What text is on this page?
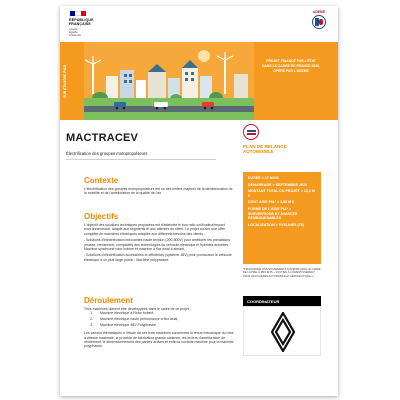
RÉPUBLIQUE
FRANÇAISE
Liberté
Égalité
Fraternité
ADEME
PROJET FINANCÉ PAR L'ÉTAT
DANS LE CADRE DE FRANCE 2030,
OPÉRÉ PAR L'ADEME
SUR ÉTAGÈRE PIAD
MACTRACEV
Électrification des groupes motopropulseurs
Contexte

L'électrification des groupes motopropulseurs est un des leviers majeurs de la décarbonation de la mobilité et de l'amélioration de la qualité de l'air.

Objectifs

L'objectif des solutions techniques proposées est d'atteindre le bon ratio coût/valeur/impact environnemental, adapté aux segments et aux attentes du client. Le projet couvre une offre complète de machines électriques adaptée aux différents besoins des clients :

- Solutions d'électrification innovantes haute tension (200-800V) pour améliorer les prestations (masse, rendement, compacité) des technologies du véhicule électrique et hybrides actuelles : Machine synchrone rotor bobiné et machine à flux axial à aimant,

- Solutions d'électrification accessibles et efficientes (système 48V) pour promouvoir le véhicule électrique à un plus large public : Machine polyphasée.

Déroulement

Trois machines doivent être développées dans le cadre de ce projet :

1. Machine électrique à Rotor bobiné,
2. Machine électrique haute performance à flux axial,
3. Machine électrique 48V Polyphasée.

Les various thématiques à l'étude de ces trois machines concernent la tenue mécanique du rotor à vitesse maximale, le procédé de fabrication grande cadence, les leviers d'amélioration de rendement, le dimensionnement des parties actives et enfin la contrôle machine pour la machine polyphasée.

PLAN DE RELANCE
AUTOMOBILE
DURÉE > 37 MOIS
DÉMARRAGE > SEPTEMBRE 2020
MONTANT TOTAL DU PROJET > 13,2 M €
DONT AIDE PIA* > 3,88 M €
FORME DE L'AIDE PIA* > SUBVENTIONS ET AVANCES REMBOURSABLES
LOCALISATION > YVELINES (78)
*PROGRAMME INVESTISSEMENTS D'AVENIR DANS LE CADRE DE L'APPEL À PROJETS « SOUTIEN À L'INVESTISSEMENT DANS LES FILIÈRES AUTOMOBILE ET AÉRONAUTIQUE »
COORDINATEUR
